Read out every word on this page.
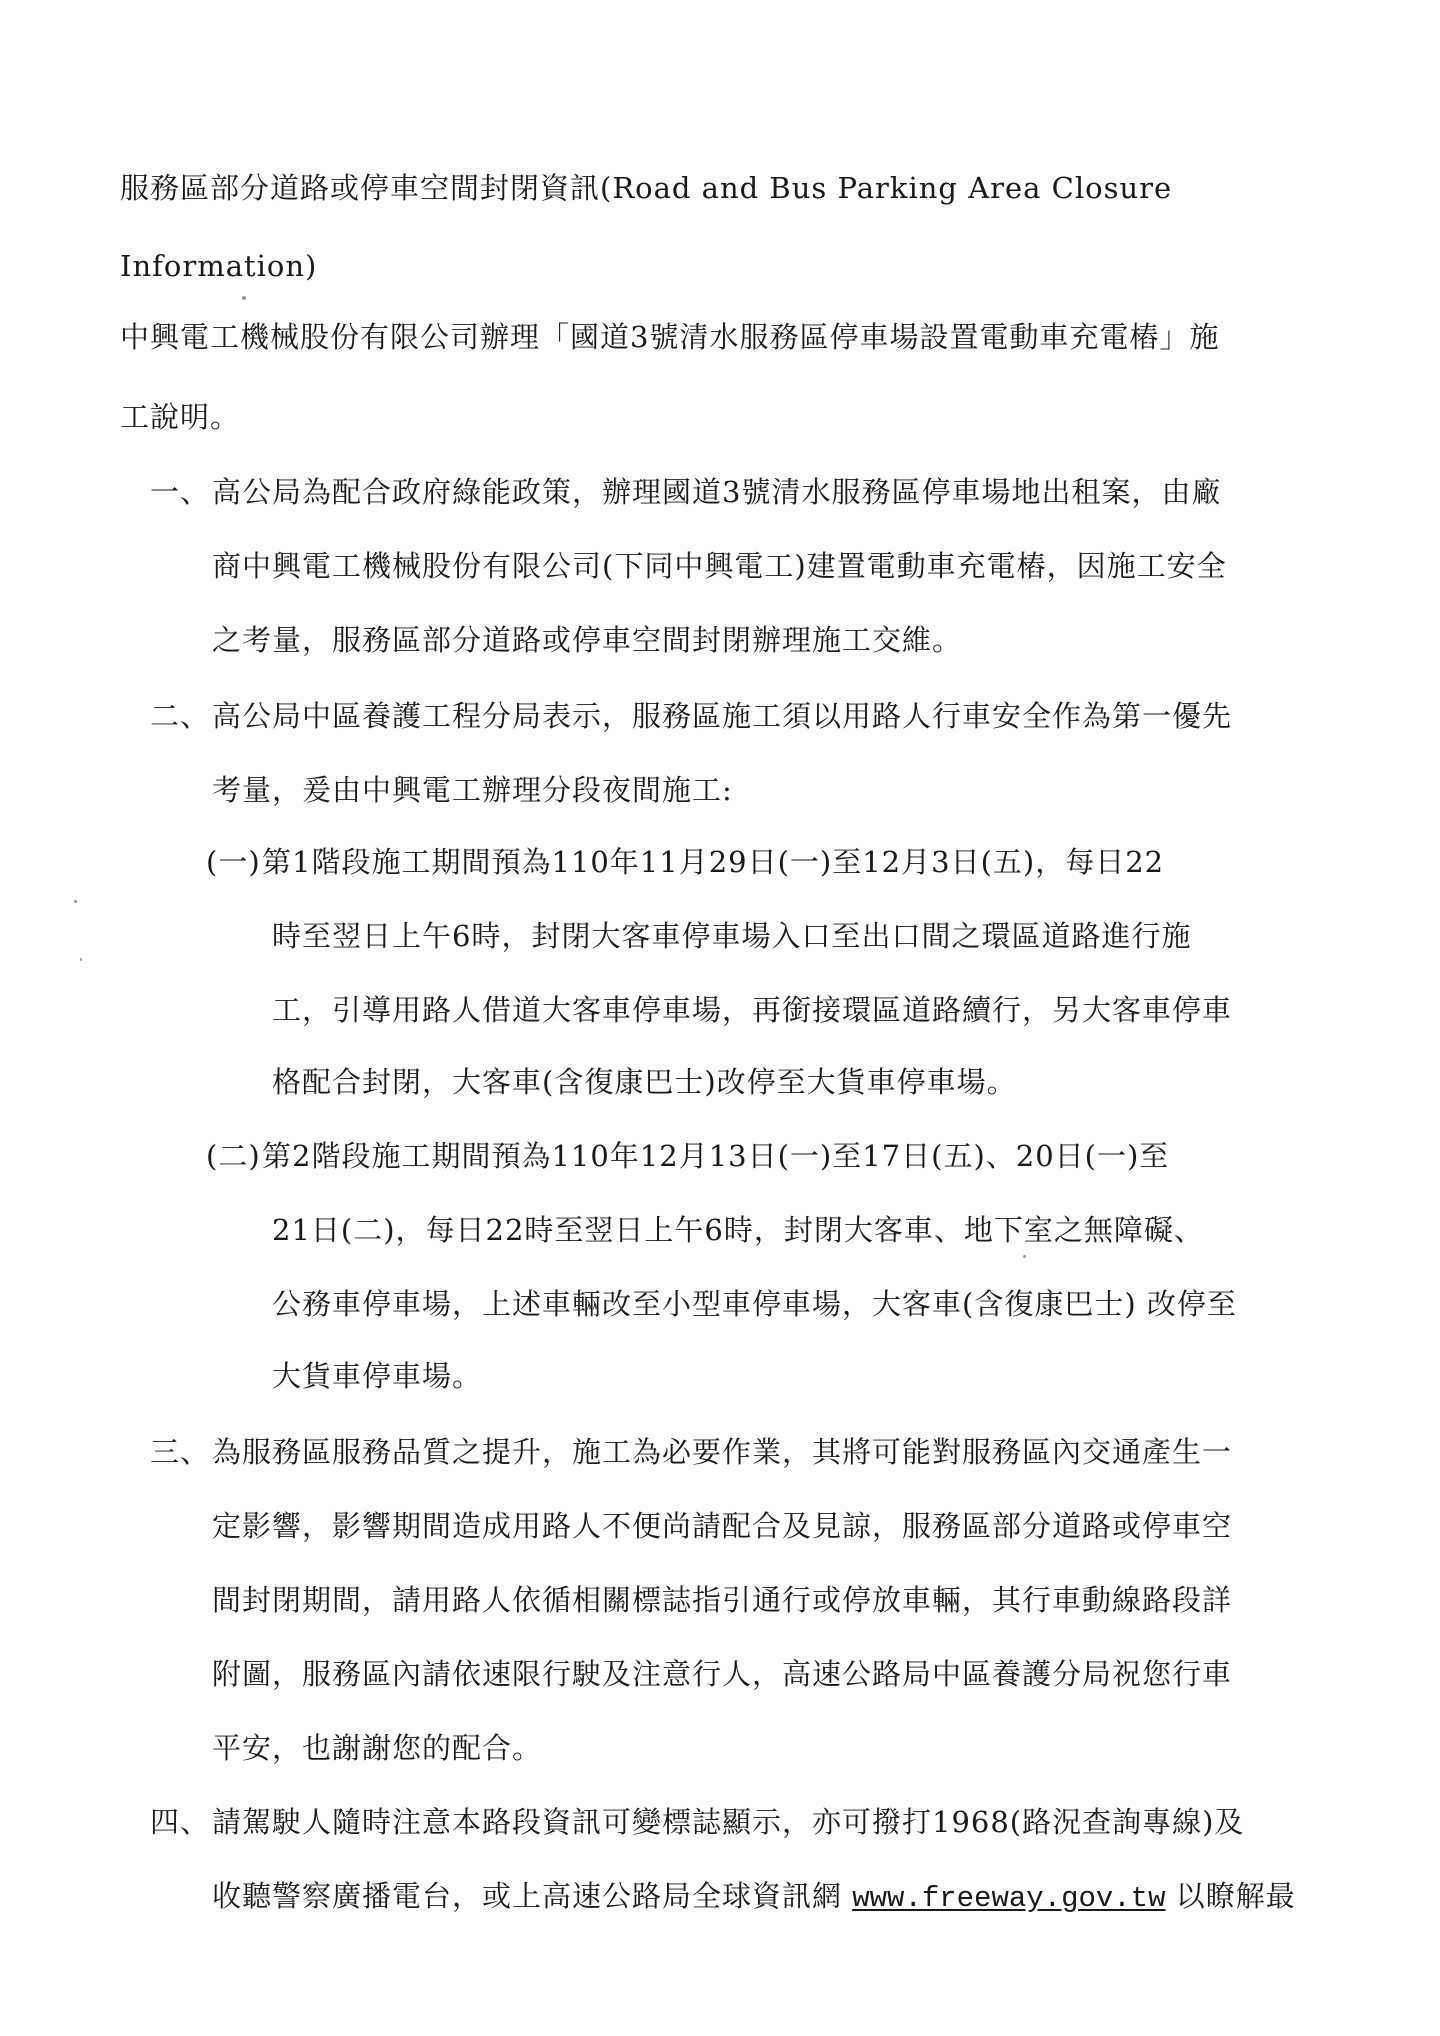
服務區部分道路或停車空間封閉資訊(Road and Bus Parking Area Closure
Information)
中興電工機械股份有限公司辦理「國道3號清水服務區停車場設置電動車充電樁」施
工說明。
一、 高公局為配合政府綠能政策，辦理國道3號清水服務區停車場地出租案，由廠
商中興電工機械股份有限公司(下同中興電工)建置電動車充電樁，因施工安全
之考量，服務區部分道路或停車空間封閉辦理施工交維。
二、 高公局中區養護工程分局表示，服務區施工須以用路人行車安全作為第一優先
考量，爰由中興電工辦理分段夜間施工:
(一) 第1階段施工期間預為110年11月29日(一)至12月3日(五)，每日22
時至翌日上午6時，封閉大客車停車場入口至出口間之環區道路進行施
工，引導用路人借道大客車停車場，再銜接環區道路續行，另大客車停車
格配合封閉，大客車(含復康巴士)改停至大貨車停車場。
(二) 第2階段施工期間預為110年12月13日(一)至17日(五)、20日(一)至
21日(二)，每日22時至翌日上午6時，封閉大客車、地下室之無障礙、
公務車停車場，上述車輛改至小型車停車場，大客車(含復康巴士) 改停至
大貨車停車場。
三、 為服務區服務品質之提升，施工為必要作業，其將可能對服務區內交通產生一
定影響，影響期間造成用路人不便尚請配合及見諒，服務區部分道路或停車空
間封閉期間，請用路人依循相關標誌指引通行或停放車輛，其行車動線路段詳
附圖，服務區內請依速限行駛及注意行人，高速公路局中區養護分局祝您行車
平安，也謝謝您的配合。
四、 請駕駛人隨時注意本路段資訊可變標誌顯示，亦可撥打1968(路況查詢專線)及
收聽警察廣播電台，或上高速公路局全球資訊網 www.freeway.gov.tw 以瞭解最
